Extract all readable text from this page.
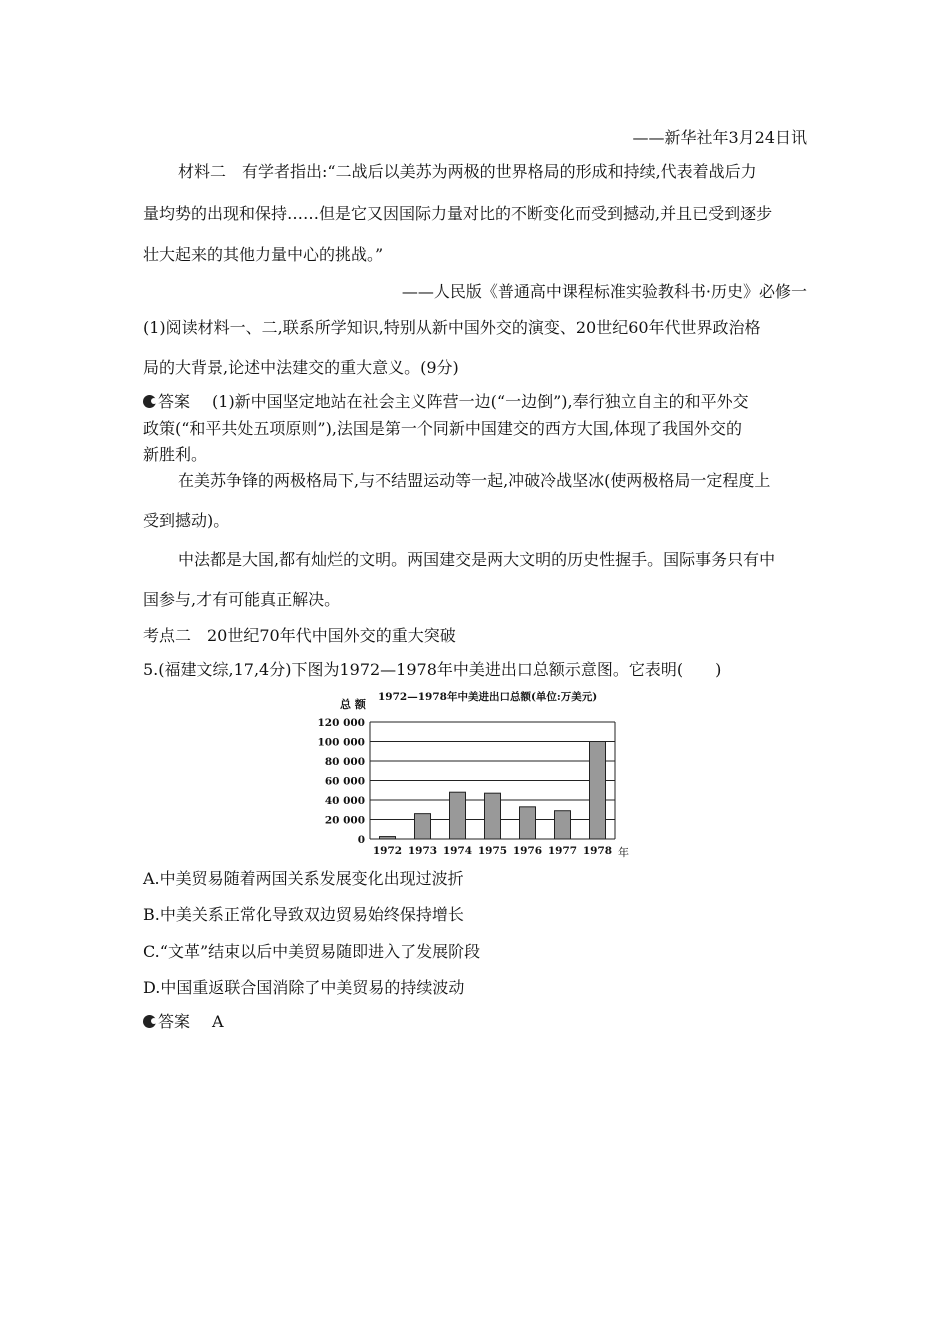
——新华社年3月24日讯
材料二　有学者指出:“二战后以美苏为两极的世界格局的形成和持续,代表着战后力
量均势的出现和保持……但是它又因国际力量对比的不断变化而受到撼动,并且已受到逐步
壮大起来的其他力量中心的挑战。”
——人民版《普通高中课程标准实验教科书·历史》必修一
(1)阅读材料一、二,联系所学知识,特别从新中国外交的演变、20世纪60年代世界政治格
局的大背景,论述中法建交的重大意义。(9分)
答案 (1)新中国坚定地站在社会主义阵营一边(“一边倒”),奉行独立自主的和平外交
政策(“和平共处五项原则”),法国是第一个同新中国建交的西方大国,体现了我国外交的
新胜利。
在美苏争锋的两极格局下,与不结盟运动等一起,冲破冷战坚冰(使两极格局一定程度上
受到撼动)。
中法都是大国,都有灿烂的文明。两国建交是两大文明的历史性握手。国际事务只有中
国参与,才有可能真正解决。
考点二　20世纪70年代中国外交的重大突破
5.(福建文综,17,4分)下图为1972—1978年中美进出口总额示意图。它表明(　　)
1972—1978年中美进出口总额(单位:万美元)
总 额
0
20 000
40 000
60 000
80 000
100 000
120 000
1972 1973 1974 1975 1976 1977 1978 年
A.中美贸易随着两国关系发展变化出现过波折
B.中美关系正常化导致双边贸易始终保持增长
C.“文革”结束以后中美贸易随即进入了发展阶段
D.中国重返联合国消除了中美贸易的持续波动
答案 A
